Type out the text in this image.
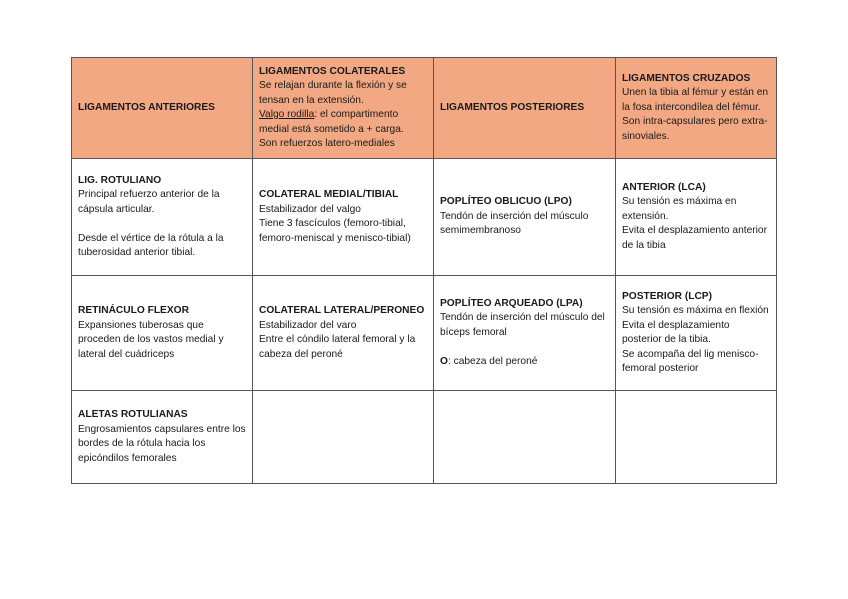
LIGAMENTOS ANTERIORES	LIGAMENTOS COLATERALES
Se relajan durante la flexión y se tensan en la extensión.
Valgo rodilla: el compartimento medial está sometido a + carga.
Son refuerzos latero-mediales	LIGAMENTOS POSTERIORES	LIGAMENTOS CRUZADOS
Unen la tibia al fémur y están en la fosa intercondílea del fémur.
Son intra-capsulares pero extra-sinoviales.

LIG. ROTULIANO
Principal refuerzo anterior de la cápsula articular.
Desde el vértice de la rótula a la tuberosidad anterior tibial.	COLATERAL MEDIAL/TIBIAL
Estabilizador del valgo
Tiene 3 fascículos (femoro-tibial, femoro-meniscal y menisco-tibial)	POPLÍTEO OBLICUO (LPO)
Tendón de inserción del músculo semimembranoso	ANTERIOR (LCA)
Su tensión es máxima en extensión.
Evita el desplazamiento anterior de la tibia

RETINÁCULO FLEXOR
Expansiones tuberosas que proceden de los vastos medial y lateral del cuádriceps	COLATERAL LATERAL/PERONEO
Estabilizador del varo
Entre el cóndilo lateral femoral y la cabeza del peroné	POPLÍTEO ARQUEADO (LPA)
Tendón de inserción del músculo del bíceps femoral
O: cabeza del peroné	POSTERIOR (LCP)
Su tensión es máxima en flexión
Evita el desplazamiento posterior de la tibia.
Se acompaña del lig menisco-femoral posterior

ALETAS ROTULIANAS
Engrosamientos capsulares entre los bordes de la rótula hacia los epicóndilos femorales			
